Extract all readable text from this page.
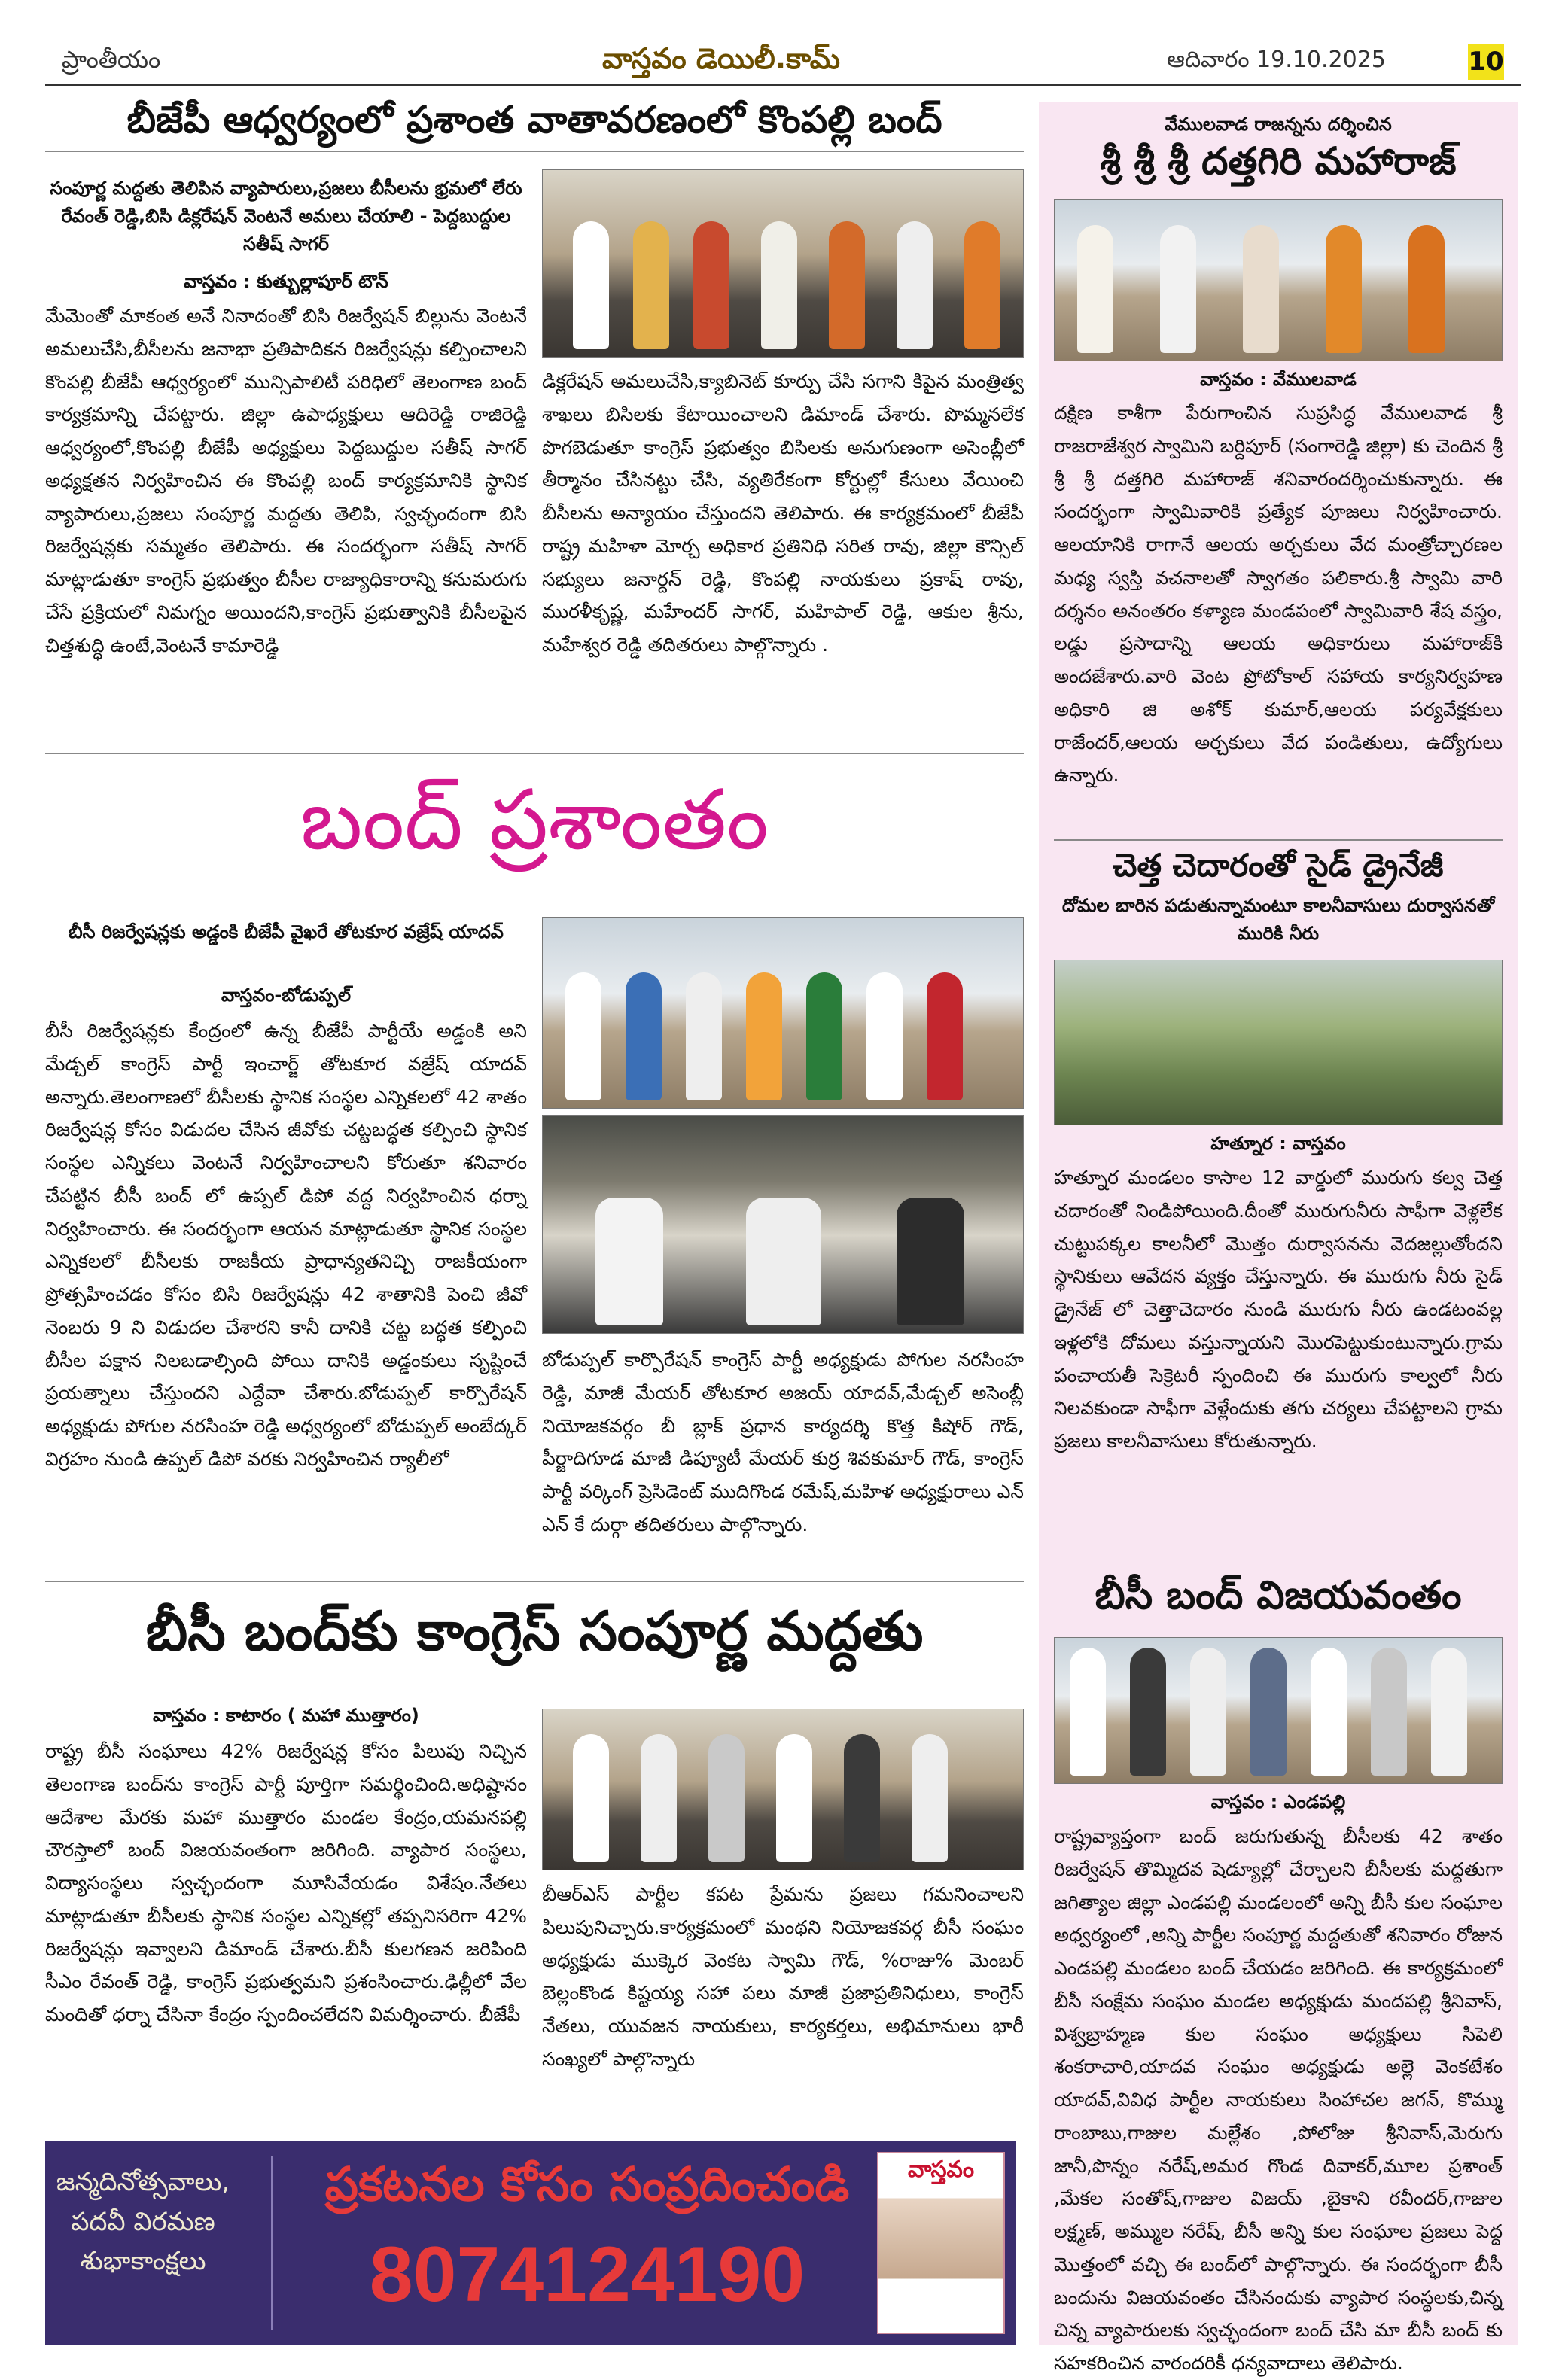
ప్రాంతీయం	వాస్తవం డెయిలీ.కామ్	ఆదివారం 19.10.2025	10
బీజేపీ ఆధ్వర్యంలో ప్రశాంత వాతావరణంలో కొంపల్లి బంద్
సంపూర్ణ మద్దతు తెలిపిన వ్యాపారులు,ప్రజలు బీసీలను భ్రమలో లేరు రేవంత్ రెడ్డి,బిసి డిక్లరేషన్ వెంటనే అమలు చేయాలి - పెద్దబుద్దుల సతీష్ సాగర్
వాస్తవం : కుత్బుల్లాపూర్ టౌన్
మేమెంతో మాకంత అనే నినాదంతో బిసి రిజర్వేషన్ బిల్లును వెంటనే అమలుచేసి,బీసీలను జనాభా ప్రతిపాదికన రిజర్వేషన్లు కల్పించాలని కొంపల్లి బీజేపీ ఆధ్వర్యంలో మున్సిపాలిటీ పరిధిలో తెలంగాణ బంద్ కార్యక్రమాన్ని చేపట్టారు. జిల్లా ఉపాధ్యక్షులు ఆదిరెడ్డి రాజిరెడ్డి ఆధ్వర్యంలో,కొంపల్లి బీజేపీ అధ్యక్షులు పెద్దబుద్దుల సతీష్ సాగర్ అధ్యక్షతన నిర్వహించిన ఈ కొంపల్లి బంద్ కార్యక్రమానికి స్థానిక వ్యాపారులు,ప్రజలు సంపూర్ణ మద్దతు తెలిపి, స్వచ్ఛందంగా బిసి రిజర్వేషన్లకు సమ్మతం తెలిపారు. ఈ సందర్భంగా సతీష్ సాగర్ మాట్లాడుతూ కాంగ్రెస్ ప్రభుత్వం బీసీల రాజ్యాధికారాన్ని కనుమరుగు చేసే ప్రక్రియలో నిమగ్నం అయిందని,కాంగ్రెస్ ప్రభుత్వానికి బీసీలపైన చిత్తశుద్ధి ఉంటే,వెంటనే కామారెడ్డి
డిక్లరేషన్ అమలుచేసి,క్యాబినెట్ కూర్పు చేసి సగాని కిపైన మంత్రిత్వ శాఖలు బిసిలకు కేటాయించాలని డిమాండ్ చేశారు. పొమ్మనలేక పొగబెడుతూ కాంగ్రెస్ ప్రభుత్వం బిసిలకు అనుగుణంగా అసెంబ్లీలో తీర్మానం చేసినట్టు చేసి, వ్యతిరేకంగా కోర్టుల్లో కేసులు వేయించి బీసీలను అన్యాయం చేస్తుందని తెలిపారు. ఈ కార్యక్రమంలో బీజేపీ రాష్ట్ర మహిళా మోర్చ అధికార ప్రతినిధి సరిత రావు, జిల్లా కౌన్సిల్ సభ్యులు జనార్దన్ రెడ్డి, కొంపల్లి నాయకులు ప్రకాష్ రావు, మురళీకృష్ణ, మహేందర్ సాగర్, మహిపాల్ రెడ్డి, ఆకుల శ్రీను, మహేశ్వర రెడ్డి తదితరులు పాల్గొన్నారు .
బంద్ ప్రశాంతం
బీసీ రిజర్వేషన్లకు అడ్డంకి బీజేపీ వైఖరే తోటకూర వజ్రేష్ యాదవ్
వాస్తవం-బోడుప్పల్
బీసీ రిజర్వేషన్లకు కేంద్రంలో ఉన్న బీజేపీ పార్టీయే అడ్డంకి అని మేడ్చల్ కాంగ్రెస్ పార్టీ ఇంచార్జ్ తోటకూర వజ్రేష్ యాదవ్ అన్నారు.తెలంగాణలో బీసీలకు స్థానిక సంస్థల ఎన్నికలలో 42 శాతం రిజర్వేషన్ల కోసం విడుదల చేసిన జీవోకు చట్టబద్ధత కల్పించి స్థానిక సంస్థల ఎన్నికలు వెంటనే నిర్వహించాలని కోరుతూ శనివారం చేపట్టిన బీసీ బంద్ లో ఉప్పల్ డిపో వద్ద నిర్వహించిన ధర్నా నిర్వహించారు. ఈ సందర్భంగా ఆయన మాట్లాడుతూ స్థానిక సంస్థల ఎన్నికలలో బీసీలకు రాజకీయ ప్రాధాన్యతనిచ్చి రాజకీయంగా ప్రోత్సహించడం కోసం బిసి రిజర్వేషన్లు 42 శాతానికి పెంచి జీవో నెంబరు 9 ని విడుదల చేశారని కానీ దానికి చట్ట బద్ధత కల్పించి బీసీల పక్షాన నిలబడాల్సింది పోయి దానికి అడ్డంకులు సృష్టించే ప్రయత్నాలు చేస్తుందని ఎద్దేవా చేశారు.బోడుప్పల్ కార్పొరేషన్ అధ్యక్షుడు పోగుల నరసింహ రెడ్డి అధ్వర్యంలో బోడుప్పల్ అంబేద్కర్ విగ్రహం నుండి ఉప్పల్ డిపో వరకు నిర్వహించిన ర్యాలీలో
బోడుప్పల్ కార్పొరేషన్ కాంగ్రెస్ పార్టీ అధ్యక్షుడు పోగుల నరసింహ రెడ్డి, మాజీ మేయర్ తోటకూర అజయ్ యాదవ్,మేడ్చల్ అసెంబ్లీ నియోజకవర్గం బీ బ్లాక్ ప్రధాన కార్యదర్శి కొత్త కిషోర్ గౌడ్, పీర్జాదిగూడ మాజీ డిప్యూటీ మేయర్ కుర్ర శివకుమార్ గౌడ్, కాంగ్రెస్ పార్టీ వర్కింగ్ ప్రెసిడెంట్ ముదిగొండ రమేష్,మహిళ అధ్యక్షురాలు ఎన్ ఎన్ కే దుర్గా తదితరులు పాల్గొన్నారు.
బీసీ బంద్‌కు కాంగ్రెస్ సంపూర్ణ మద్దతు
వాస్తవం : కాటారం ( మహా ముత్తారం)
రాష్ట్ర బీసీ సంఘాలు 42% రిజర్వేషన్ల కోసం పిలుపు నిచ్చిన తెలంగాణ బంద్‌ను కాంగ్రెస్ పార్టీ పూర్తిగా సమర్థించింది.అధిష్టానం ఆదేశాల మేరకు మహా ముత్తారం మండల కేంద్రం,యమనపల్లి చౌరస్తాలో బంద్ విజయవంతంగా జరిగింది. వ్యాపార సంస్థలు, విద్యాసంస్థలు స్వచ్ఛందంగా మూసివేయడం విశేషం.నేతలు మాట్లాడుతూ బీసీలకు స్థానిక సంస్థల ఎన్నికల్లో తప్పనిసరిగా 42% రిజర్వేషన్లు ఇవ్వాలని డిమాండ్ చేశారు.బీసీ కులగణన జరిపింది సీఎం రేవంత్ రెడ్డి, కాంగ్రెస్ ప్రభుత్వమని ప్రశంసించారు.ఢిల్లీలో వేల మందితో ధర్నా చేసినా కేంద్రం స్పందించలేదని విమర్శించారు. బీజేపీ
బీఆర్ఎస్ పార్టీల కపట ప్రేమను ప్రజలు గమనించాలని పిలుపునిచ్చారు.కార్యక్రమంలో మంథని నియోజకవర్గ బీసీ సంఘం అధ్యక్షుడు ముక్కెర వెంకట స్వామి గౌడ్, %రాజు% మెంబర్ బెల్లంకొండ కిష్టయ్య సహా పలు మాజీ ప్రజాప్రతినిధులు, కాంగ్రెస్ నేతలు, యువజన నాయకులు, కార్యకర్తలు, అభిమానులు భారీ సంఖ్యలో పాల్గొన్నారు
జన్మదినోత్సవాలు, పదవీ విరమణ శుభాకాంక్షలు
ప్రకటనల కోసం సంప్రదించండి
8074124190
వాస్తవం
వేములవాడ రాజన్నను దర్శించిన
శ్రీ శ్రీ శ్రీ దత్తగిరి మహారాజ్
వాస్తవం : వేములవాడ
దక్షిణ కాశీగా పేరుగాంచిన సుప్రసిద్ధ వేములవాడ శ్రీ రాజరాజేశ్వర స్వామిని బర్దిపూర్ (సంగారెడ్డి జిల్లా) కు చెందిన శ్రీ శ్రీ శ్రీ దత్తగిరి మహారాజ్ శనివారందర్శించుకున్నారు. ఈ సందర్భంగా స్వామివారికి ప్రత్యేక పూజలు నిర్వహించారు. ఆలయానికి రాగానే ఆలయ అర్చకులు వేద మంత్రోచ్చారణల మధ్య స్వస్తి వచనాలతో స్వాగతం పలికారు.శ్రీ స్వామి వారి దర్శనం అనంతరం కళ్యాణ మండపంలో స్వామివారి శేష వస్త్రం, లడ్డు ప్రసాదాన్ని ఆలయ అధికారులు మహారాజ్‌కి అందజేశారు.వారి వెంట ప్రోటోకాల్ సహాయ కార్యనిర్వహణ అధికారి జి అశోక్ కుమార్,ఆలయ పర్యవేక్షకులు రాజేందర్,ఆలయ అర్చకులు వేద పండితులు, ఉద్యోగులు ఉన్నారు.
చెత్త చెదారంతో సైడ్ డ్రైనేజీ
దోమల బారిన పడుతున్నామంటూ కాలనీవాసులు దుర్వాసనతో మురికి నీరు
హత్నూర : వాస్తవం
హత్నూర మండలం కాసాల 12 వార్డులో మురుగు కల్వ చెత్త చదారంతో నిండిపోయింది.దీంతో మురుగునీరు సాఫీగా వెళ్లలేక చుట్టుపక్కల కాలనీలో మొత్తం దుర్వాసనను వెదజల్లుతోందని స్థానికులు ఆవేదన వ్యక్తం చేస్తున్నారు. ఈ మురుగు నీరు సైడ్ డ్రైనేజ్ లో చెత్తాచెదారం నుండి మురుగు నీరు ఉండటంవల్ల ఇళ్లలోకి దోమలు వస్తున్నాయని మొరపెట్టుకుంటున్నారు.గ్రామ పంచాయతీ సెక్రెటరీ స్పందించి ఈ మురుగు కాల్వలో నీరు నిలవకుండా సాఫీగా వెళ్లేందుకు తగు చర్యలు చేపట్టాలని గ్రామ ప్రజలు కాలనీవాసులు కోరుతున్నారు.
బీసీ బంద్ విజయవంతం
వాస్తవం : ఎండపల్లి
రాష్ట్రవ్యాప్తంగా బంద్ జరుగుతున్న బీసీలకు 42 శాతం రిజర్వేషన్ తొమ్మిదవ షెడ్యూల్లో చేర్చాలని బీసీలకు మద్దతుగా జగిత్యాల జిల్లా ఎండపల్లి మండలంలో అన్ని బీసీ కుల సంఘాల అధ్వర్యంలో ,అన్ని పార్టీల సంపూర్ణ మద్దతుతో శనివారం రోజున ఎండపల్లి మండలం బంద్ చేయడం జరిగింది. ఈ కార్యక్రమంలో బీసీ సంక్షేమ సంఘం మండల అధ్యక్షుడు మందపల్లి శ్రీనివాస్, విశ్వబ్రాహ్మణ కుల సంఘం అధ్యక్షులు సిపెలి శంకరాచారి,యాదవ సంఘం అధ్యక్షుడు అల్లె వెంకటేశం యాదవ్,వివిధ పార్టీల నాయకులు సింహాచల జగన్, కొమ్ము రాంబాబు,గాజుల మల్లేశం ,పోలోజు శ్రీనివాస్,మెరుగు జానీ,పొన్నం నరేష్,అమర గొండ దివాకర్,మూల ప్రశాంత్ ,మేకల సంతోష్,గాజుల విజయ్ ,బైకాని రవీందర్,గాజుల లక్ష్మణ్, అమ్ముల నరేష్, బీసీ అన్ని కుల సంఘాల ప్రజలు పెద్ద మొత్తంలో వచ్చి ఈ బంద్‌లో పాల్గొన్నారు. ఈ సందర్భంగా బీసీ బందును విజయవంతం చేసినందుకు వ్యాపార సంస్థలకు,చిన్న చిన్న వ్యాపారులకు స్వచ్ఛందంగా బంద్ చేసి మా బీసీ బంద్ కు సహకరించిన వారందరికీ ధన్యవాదాలు తెలిపారు.
